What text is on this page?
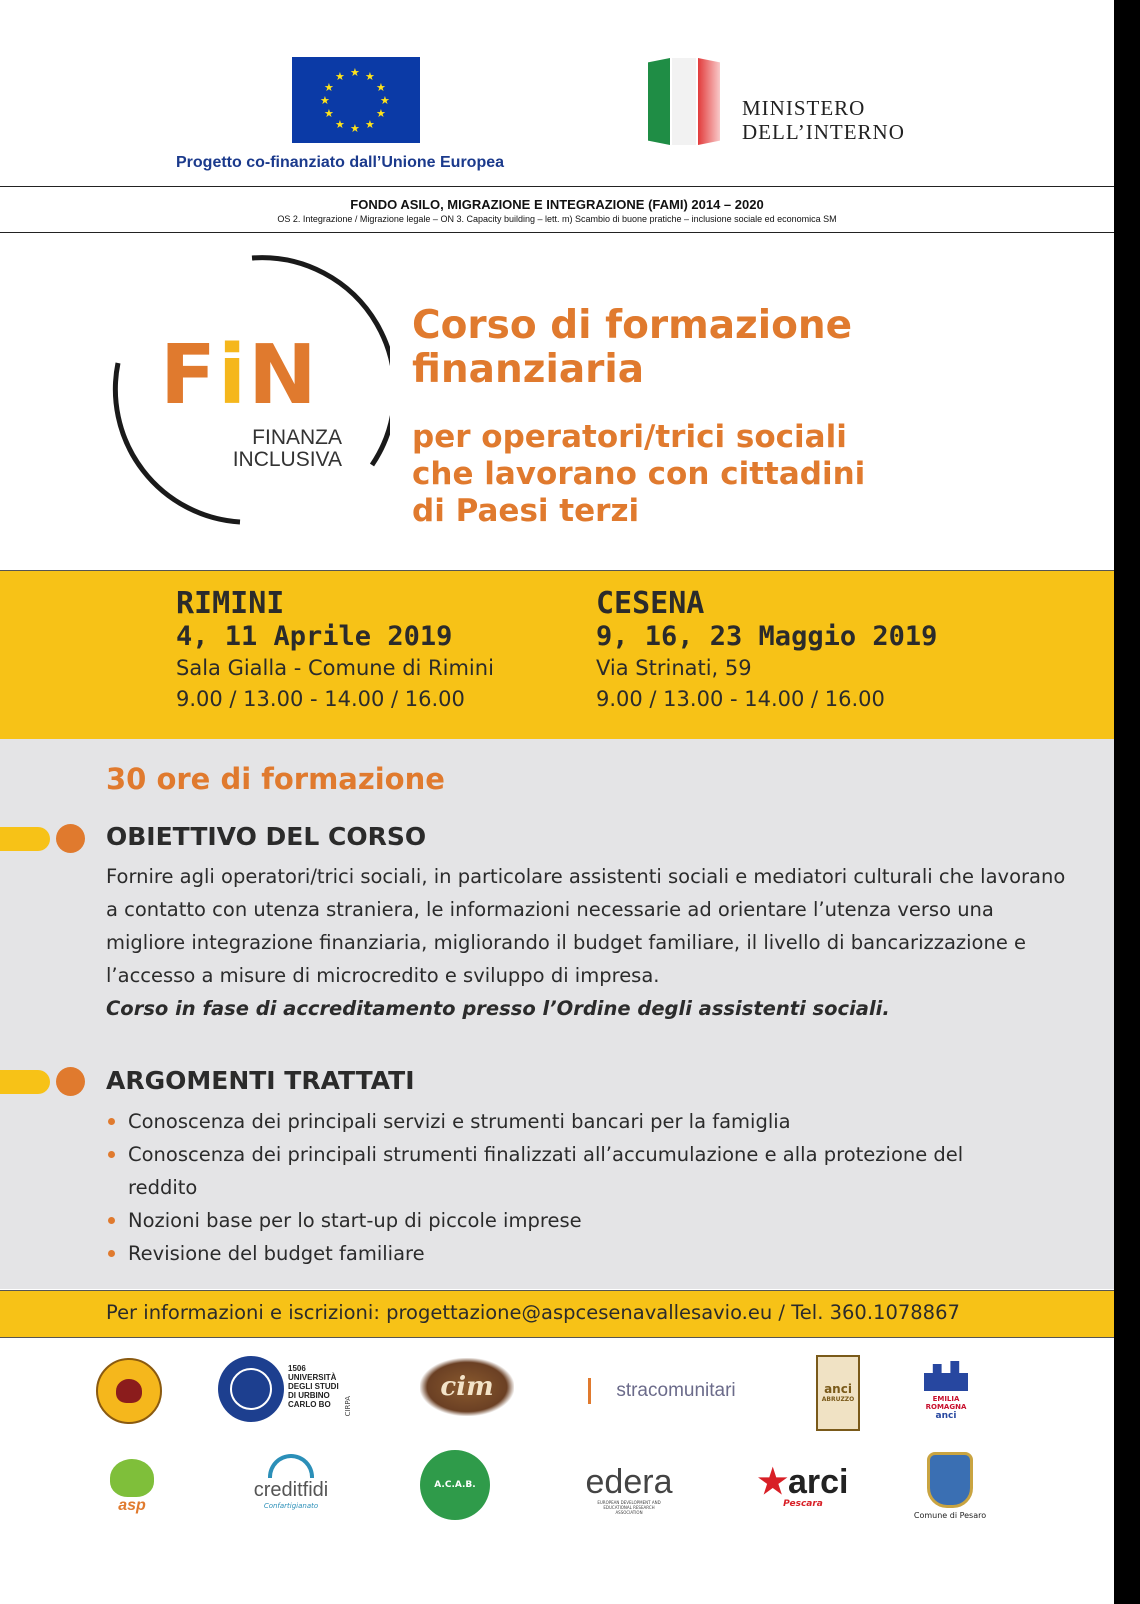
★ ★
★
★
★
★
★
★
★
★
★
★
Progetto co-finanziato dall’Unione Europea
MINISTERO
DELL’INTERNO
FONDO ASILO, MIGRAZIONE E INTEGRAZIONE (FAMI) 2014 – 2020
OS 2. Integrazione / Migrazione legale – ON 3. Capacity building – lett. m) Scambio di buone pratiche – inclusione sociale ed economica SM
FiN
FINANZA
INCLUSIVA
Corso di formazione
finanziaria
per operatori/trici sociali
che lavorano con cittadini
di Paesi terzi
RIMINI
4, 11 Aprile 2019
Sala Gialla - Comune di Rimini
9.00 / 13.00 - 14.00 / 16.00
CESENA
9, 16, 23 Maggio 2019
Via Strinati, 59
9.00 / 13.00 - 14.00 / 16.00
30 ore di formazione
OBIETTIVO DEL CORSO
Fornire agli operatori/trici sociali, in particolare assistenti sociali e mediatori culturali che lavorano a contatto con utenza straniera, le informazioni necessarie ad orientare l’utenza verso una migliore integrazione finanziaria, migliorando il budget familiare, il livello di bancarizzazione e l’accesso a misure di microcredito e sviluppo di impresa.
Corso in fase di accreditamento presso l’Ordine degli assistenti sociali.
ARGOMENTI TRATTATI
Conoscenza dei principali servizi e strumenti bancari per la famiglia
Conoscenza dei principali strumenti finalizzati all’accumulazione e alla protezione del reddito
Nozioni base per lo start-up di piccole imprese
Revisione del budget familiare
Per informazioni e iscrizioni: progettazione@aspcesenavallesavio.eu / Tel. 360.1078867
1506
UNIVERSITÀ
DEGLI STUDI
DI URBINO
CARLO BO	CIRPA
cim	stracomunitari	anci
ABRUZZO	EMILIA
ROMAGNA
anci
asp
creditfidi
Confartigianato
A.C.A.B.	edera
EUROPEAN DEVELOPMENT AND EDUCATIONAL RESEARCH ASSOCIATION
★arci
Pescara
Comune di Pesaro
